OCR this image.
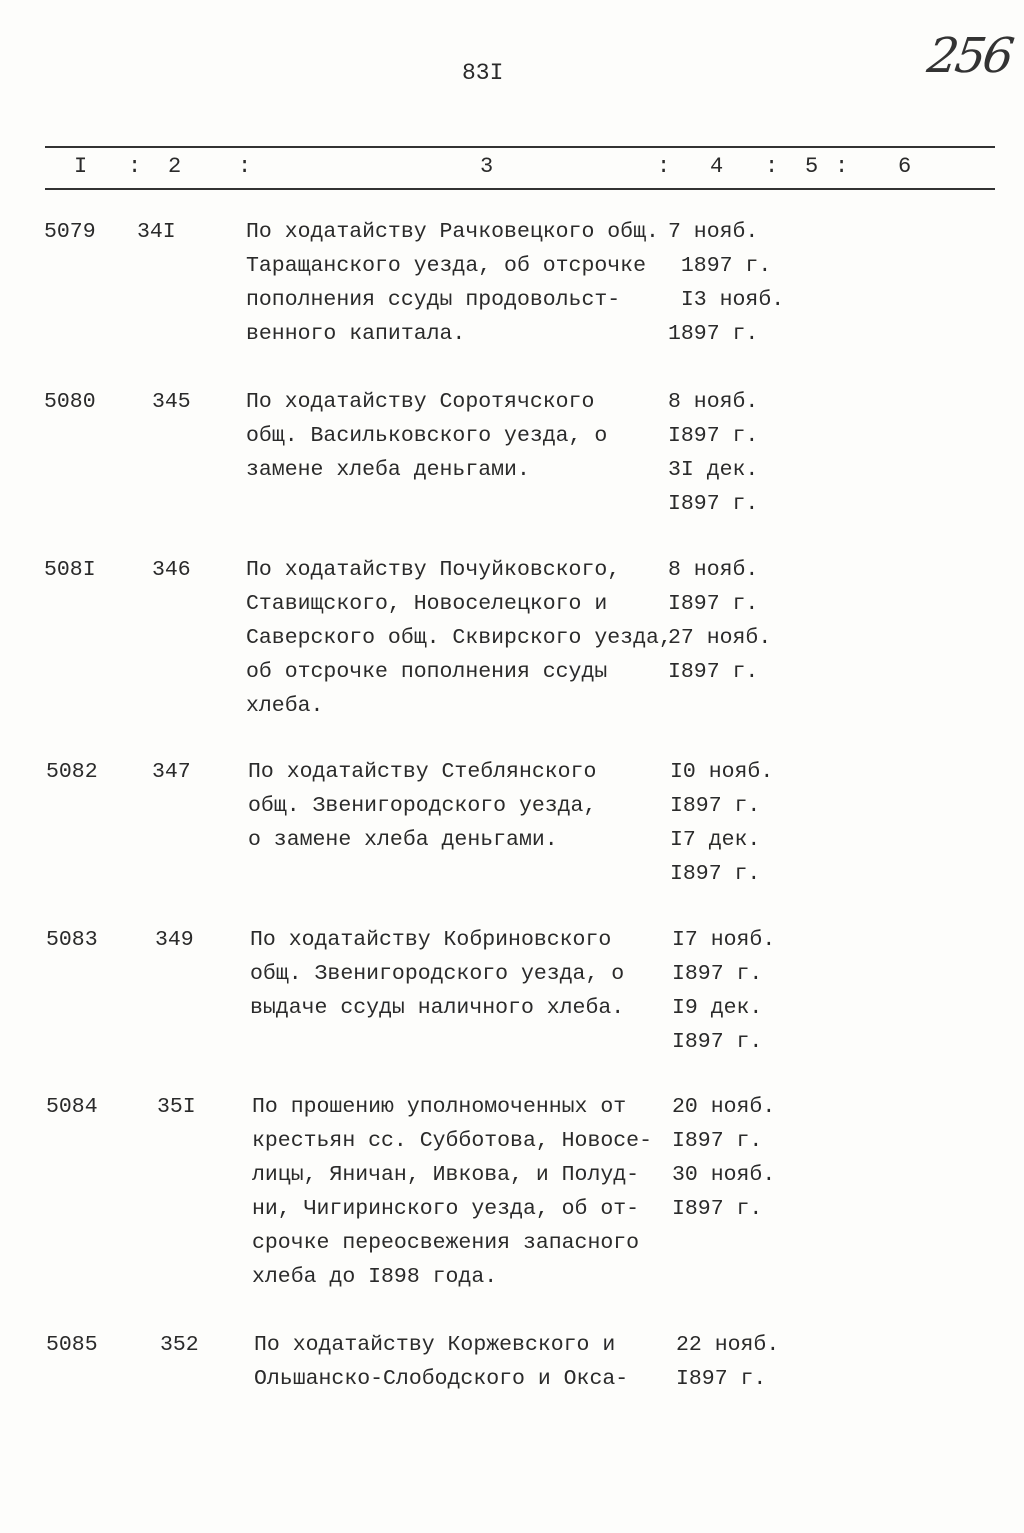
83I	256
I : 2	:	3	: 4 : 5 : 6
5079 34I	По ходатайству Рачковецкого общ.
Таращанского уезда, об отсрочке
пополнения ссуды продовольст-
венного капитала.
7 нояб.
1897 г.
I3 нояб.
1897 г.
5080	345	По ходатайству Соротячского
общ. Васильковского уезда, о
замене хлеба деньгами.
8 нояб.
I897 г.
3I дек.
I897 г.
508I	346	По ходатайству Почуйковского,
Ставищского, Новоселецкого и
Саверского общ. Сквирского уезда,
об отсрочке пополнения ссуды
хлеба.
8 нояб.
I897 г.
27 нояб.
I897 г.
5082	347	По ходатайству Стеблянского
общ. Звенигородского уезда,
о замене хлеба деньгами.
I0 нояб.
I897 г.
I7 дек.
I897 г.
5083	349	По ходатайству Кобриновского
общ. Звенигородского уезда, о
выдаче ссуды наличного хлеба.
I7 нояб.
I897 г.
I9 дек.
I897 г.
5084	35I	По прошению уполномоченных от
крестьян сс. Субботова, Новосе-
лицы, Яничан, Ивкова, и Полуд-
ни, Чигиринского уезда, об от-
срочке переосвежения запасного
хлеба до I898 года.
20 нояб.
I897 г.
30 нояб.
I897 г.
5085	352	По ходатайству Коржевского и
Ольшанско-Слободского и Окса-
22 нояб.
I897 г.
